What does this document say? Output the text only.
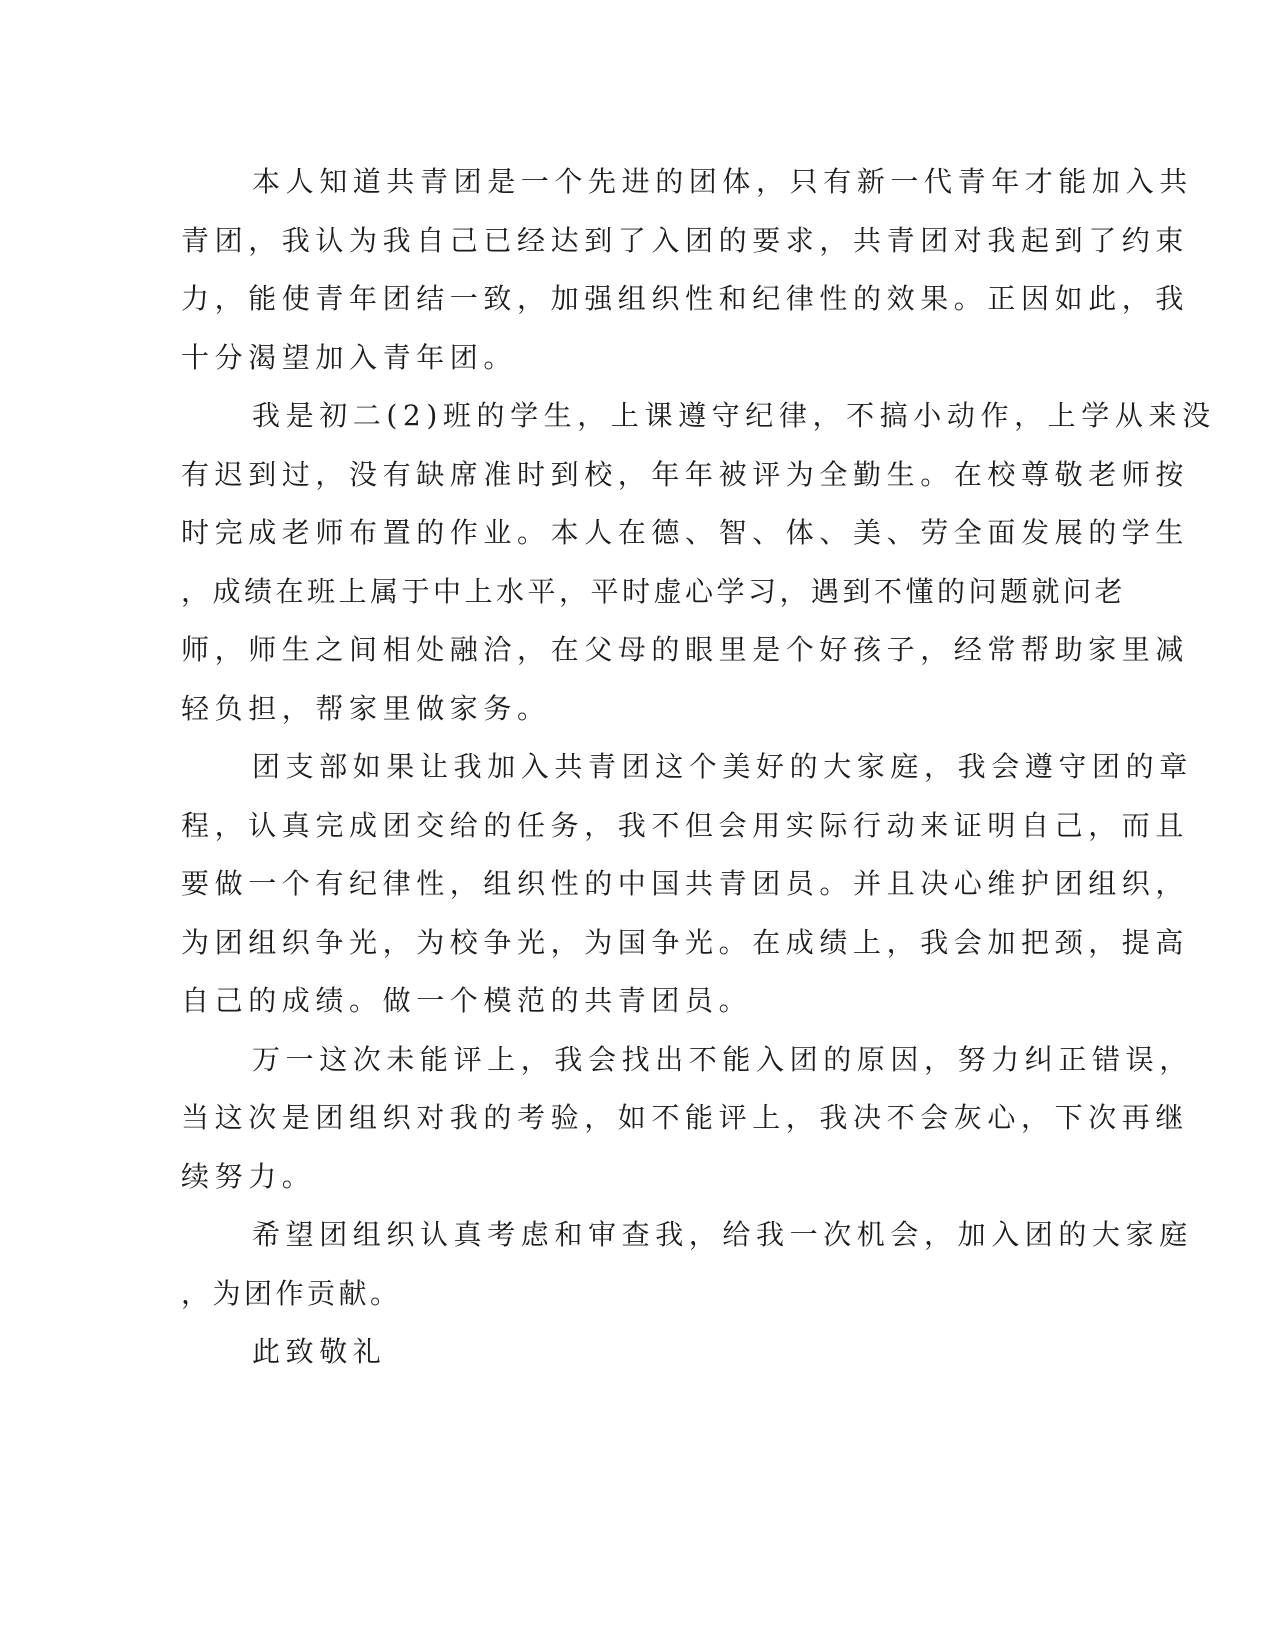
本人知道共青团是一个先进的团体，只有新一代青年才能加入共
青团，我认为我自己已经达到了入团的要求，共青团对我起到了约束
力，能使青年团结一致，加强组织性和纪律性的效果。正因如此，我
十分渴望加入青年团。
我是初二(2)班的学生，上课遵守纪律，不搞小动作，上学从来没
有迟到过，没有缺席准时到校，年年被评为全勤生。在校尊敬老师按
时完成老师布置的作业。本人在德、智、体、美、劳全面发展的学生
，成绩在班上属于中上水平，平时虚心学习，遇到不懂的问题就问老
师，师生之间相处融洽，在父母的眼里是个好孩子，经常帮助家里减
轻负担，帮家里做家务。
团支部如果让我加入共青团这个美好的大家庭，我会遵守团的章
程，认真完成团交给的任务，我不但会用实际行动来证明自己，而且
要做一个有纪律性，组织性的中国共青团员。并且决心维护团组织，
为团组织争光，为校争光，为国争光。在成绩上，我会加把颈，提高
自己的成绩。做一个模范的共青团员。
万一这次未能评上，我会找出不能入团的原因，努力纠正错误，
当这次是团组织对我的考验，如不能评上，我决不会灰心，下次再继
续努力。
希望团组织认真考虑和审查我，给我一次机会，加入团的大家庭
，为团作贡献。
此致敬礼
